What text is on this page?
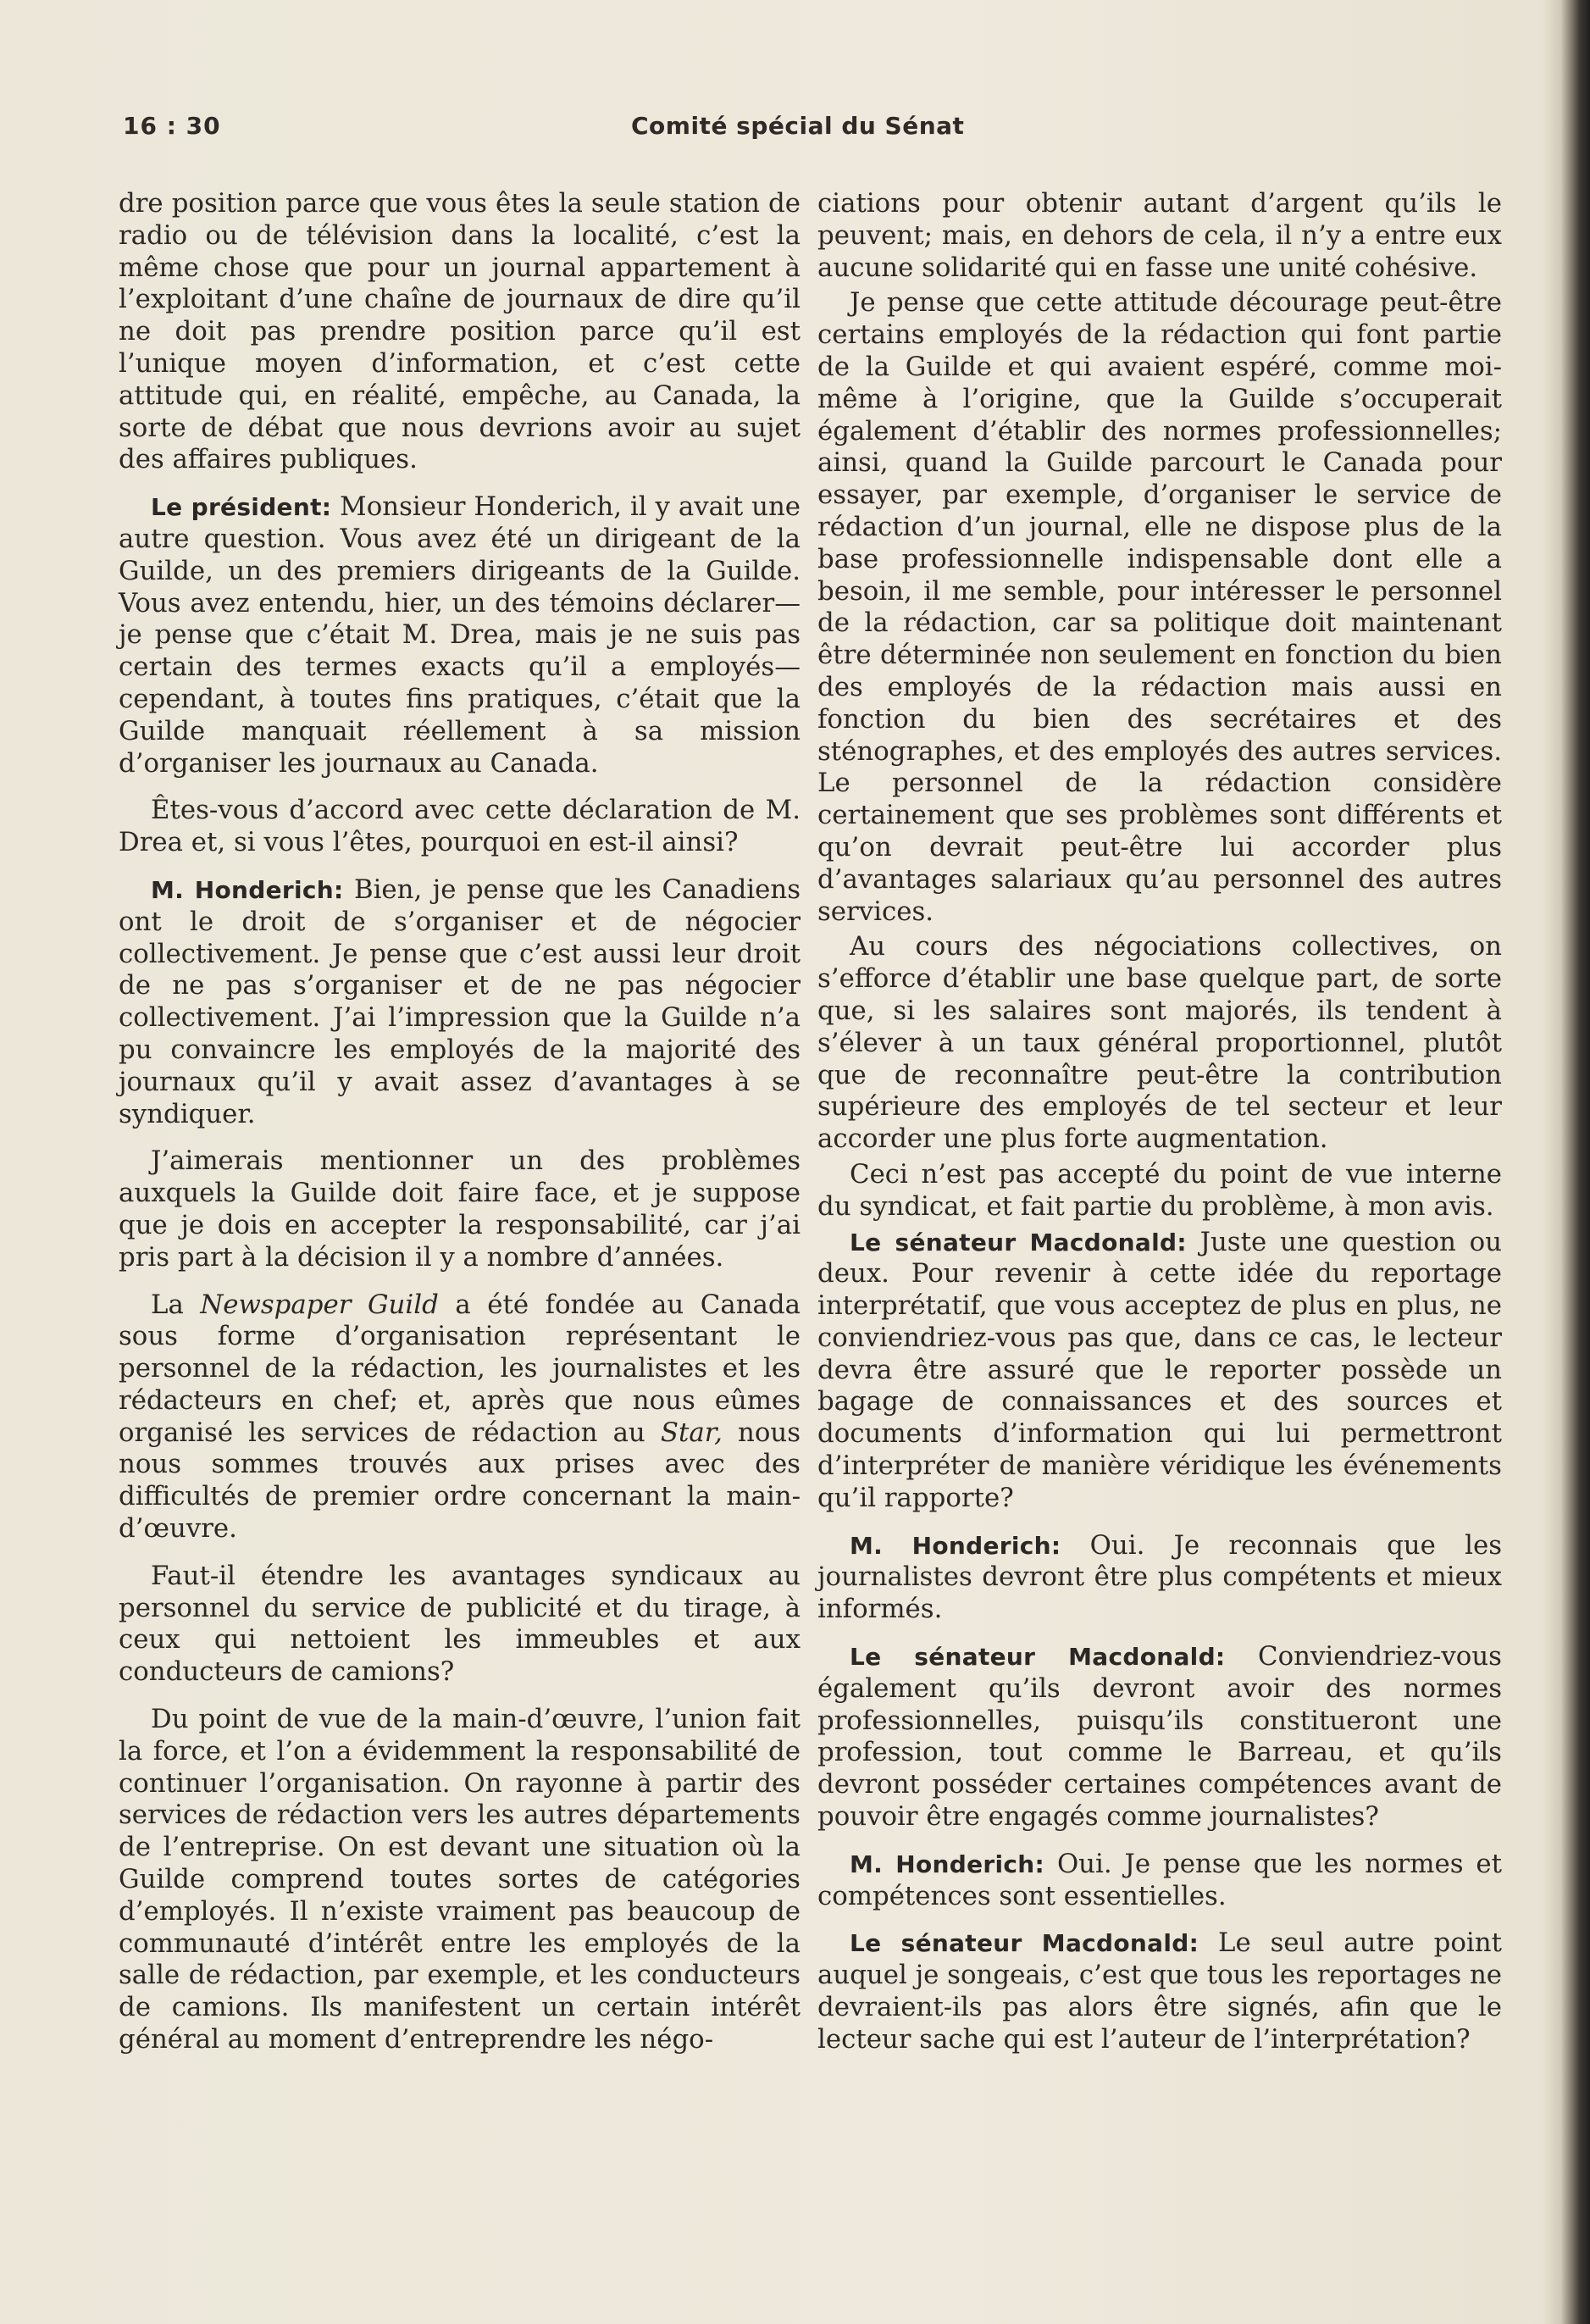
16 : 30	Comité spécial du Sénat

dre position parce que vous êtes la seule station de radio ou de télévision dans la localité, c’est la même chose que pour un journal appartement à l’exploitant d’une chaîne de journaux de dire qu’il ne doit pas prendre position parce qu’il est l’unique moyen d’information, et c’est cette attitude qui, en réalité, empêche, au Canada, la sorte de débat que nous devrions avoir au sujet des affaires publiques.

Le président: Monsieur Honderich, il y avait une autre question. Vous avez été un dirigeant de la Guilde, un des premiers dirigeants de la Guilde. Vous avez entendu, hier, un des témoins déclarer—je pense que c’était M. Drea, mais je ne suis pas certain des termes exacts qu’il a employés—cependant, à toutes fins pratiques, c’était que la Guilde manquait réellement à sa mission d’organiser les journaux au Canada.

Êtes-vous d’accord avec cette déclaration de M. Drea et, si vous l’êtes, pourquoi en est-il ainsi?

M. Honderich: Bien, je pense que les Canadiens ont le droit de s’organiser et de négocier collectivement. Je pense que c’est aussi leur droit de ne pas s’organiser et de ne pas négocier collectivement. J’ai l’impression que la Guilde n’a pu convaincre les employés de la majorité des journaux qu’il y avait assez d’avantages à se syndiquer.

J’aimerais mentionner un des problèmes auxquels la Guilde doit faire face, et je suppose que je dois en accepter la responsabilité, car j’ai pris part à la décision il y a nombre d’années.

La Newspaper Guild a été fondée au Canada sous forme d’organisation représentant le personnel de la rédaction, les journalistes et les rédacteurs en chef; et, après que nous eûmes organisé les services de rédaction au Star, nous nous sommes trouvés aux prises avec des difficultés de premier ordre concernant la main-d’œuvre.

Faut-il étendre les avantages syndicaux au personnel du service de publicité et du tirage, à ceux qui nettoient les immeubles et aux conducteurs de camions?

Du point de vue de la main-d’œuvre, l’union fait la force, et l’on a évidemment la responsabilité de continuer l’organisation. On rayonne à partir des services de rédaction vers les autres départements de l’entreprise. On est devant une situation où la Guilde comprend toutes sortes de catégories d’employés. Il n’existe vraiment pas beaucoup de communauté d’intérêt entre les employés de la salle de rédaction, par exemple, et les conducteurs de camions. Ils manifestent un certain intérêt général au moment d’entreprendre les négo-

ciations pour obtenir autant d’argent qu’ils le peuvent; mais, en dehors de cela, il n’y a entre eux aucune solidarité qui en fasse une unité cohésive.

Je pense que cette attitude décourage peut-être certains employés de la rédaction qui font partie de la Guilde et qui avaient espéré, comme moi-même à l’origine, que la Guilde s’occuperait également d’établir des normes professionnelles; ainsi, quand la Guilde parcourt le Canada pour essayer, par exemple, d’organiser le service de rédaction d’un journal, elle ne dispose plus de la base professionnelle indispensable dont elle a besoin, il me semble, pour intéresser le personnel de la rédaction, car sa politique doit maintenant être déterminée non seulement en fonction du bien des employés de la rédaction mais aussi en fonction du bien des secrétaires et des sténographes, et des employés des autres services. Le personnel de la rédaction considère certainement que ses problèmes sont différents et qu’on devrait peut-être lui accorder plus d’avantages salariaux qu’au personnel des autres services.

Au cours des négociations collectives, on s’efforce d’établir une base quelque part, de sorte que, si les salaires sont majorés, ils tendent à s’élever à un taux général proportionnel, plutôt que de reconnaître peut-être la contribution supérieure des employés de tel secteur et leur accorder une plus forte augmentation.

Ceci n’est pas accepté du point de vue interne du syndicat, et fait partie du problème, à mon avis.

Le sénateur Macdonald: Juste une question ou deux. Pour revenir à cette idée du reportage interprétatif, que vous acceptez de plus en plus, ne conviendriez-vous pas que, dans ce cas, le lecteur devra être assuré que le reporter possède un bagage de connaissances et des sources et documents d’information qui lui permettront d’interpréter de manière véridique les événements qu’il rapporte?

M. Honderich: Oui. Je reconnais que les journalistes devront être plus compétents et mieux informés.

Le sénateur Macdonald: Conviendriez-vous également qu’ils devront avoir des normes professionnelles, puisqu’ils constitueront une profession, tout comme le Barreau, et qu’ils devront posséder certaines compétences avant de pouvoir être engagés comme journalistes?

M. Honderich: Oui. Je pense que les normes et compétences sont essentielles.

Le sénateur Macdonald: Le seul autre point auquel je songeais, c’est que tous les reportages ne devraient-ils pas alors être signés, afin que le lecteur sache qui est l’auteur de l’interprétation?
